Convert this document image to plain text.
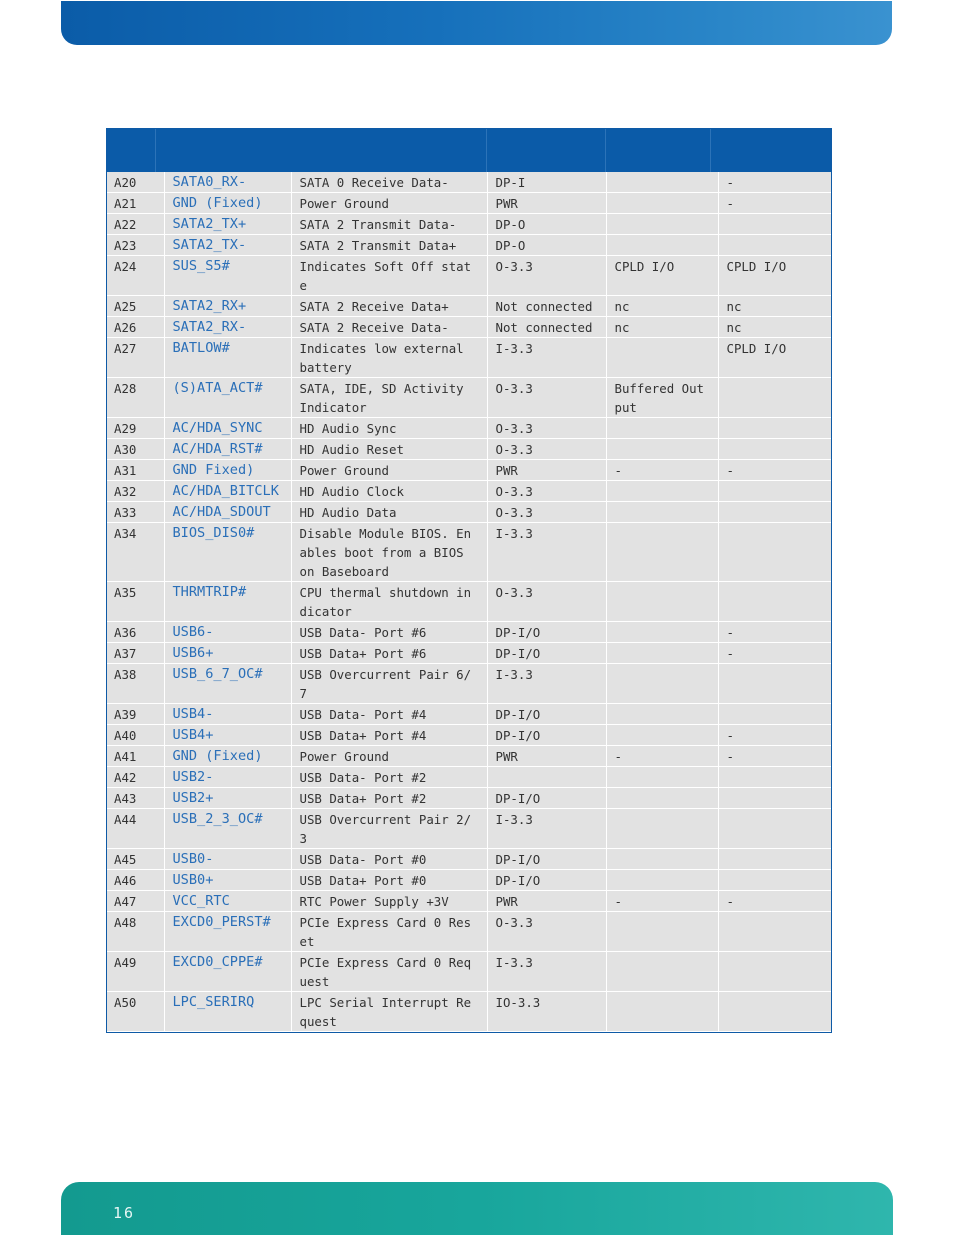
A20	SATA0_RX-	SATA 0 Receive Data-	DP-I		-
A21	GND (Fixed)	Power Ground	PWR		-
A22	SATA2_TX+	SATA 2 Transmit Data-	DP-O		
A23	SATA2_TX-	SATA 2 Transmit Data+	DP-O		
A24	SUS_S5#	Indicates Soft Off state	O-3.3	CPLD I/O	CPLD I/O
A25	SATA2_RX+	SATA 2 Receive Data+	Not connected	nc	nc
A26	SATA2_RX-	SATA 2 Receive Data-	Not connected	nc	nc
A27	BATLOW#	Indicates low external battery	I-3.3		CPLD I/O
A28	(S)ATA_ACT#	SATA, IDE, SD Activity Indicator	O-3.3	Buffered Output	
A29	AC/HDA_SYNC	HD Audio Sync	O-3.3		
A30	AC/HDA_RST#	HD Audio Reset	O-3.3		
A31	GND Fixed)	Power Ground	PWR	-	-
A32	AC/HDA_BITCLK	HD Audio Clock	O-3.3		
A33	AC/HDA_SDOUT	HD Audio Data	O-3.3		
A34	BIOS_DIS0#	Disable Module BIOS. Enables boot from a BIOS on Baseboard	I-3.3		
A35	THRMTRIP#	CPU thermal shutdown indicator	O-3.3		
A36	USB6-	USB Data- Port #6	DP-I/O		-
A37	USB6+	USB Data+ Port #6	DP-I/O		-
A38	USB_6_7_OC#	USB Overcurrent Pair 6/7	I-3.3		
A39	USB4-	USB Data- Port #4	DP-I/O		
A40	USB4+	USB Data+ Port #4	DP-I/O		-
A41	GND (Fixed)	Power Ground	PWR	-	-
A42	USB2-	USB Data- Port #2			
A43	USB2+	USB Data+ Port #2	DP-I/O		
A44	USB_2_3_OC#	USB Overcurrent Pair 2/3	I-3.3		
A45	USB0-	USB Data- Port #0	DP-I/O		
A46	USB0+	USB Data+ Port #0	DP-I/O		
A47	VCC_RTC	RTC Power Supply +3V	PWR	-	-
A48	EXCD0_PERST#	PCIe Express Card 0 Reset	O-3.3		
A49	EXCD0_CPPE#	PCIe Express Card 0 Request	I-3.3		
A50	LPC_SERIRQ	LPC Serial Interrupt Request	IO-3.3		
16
